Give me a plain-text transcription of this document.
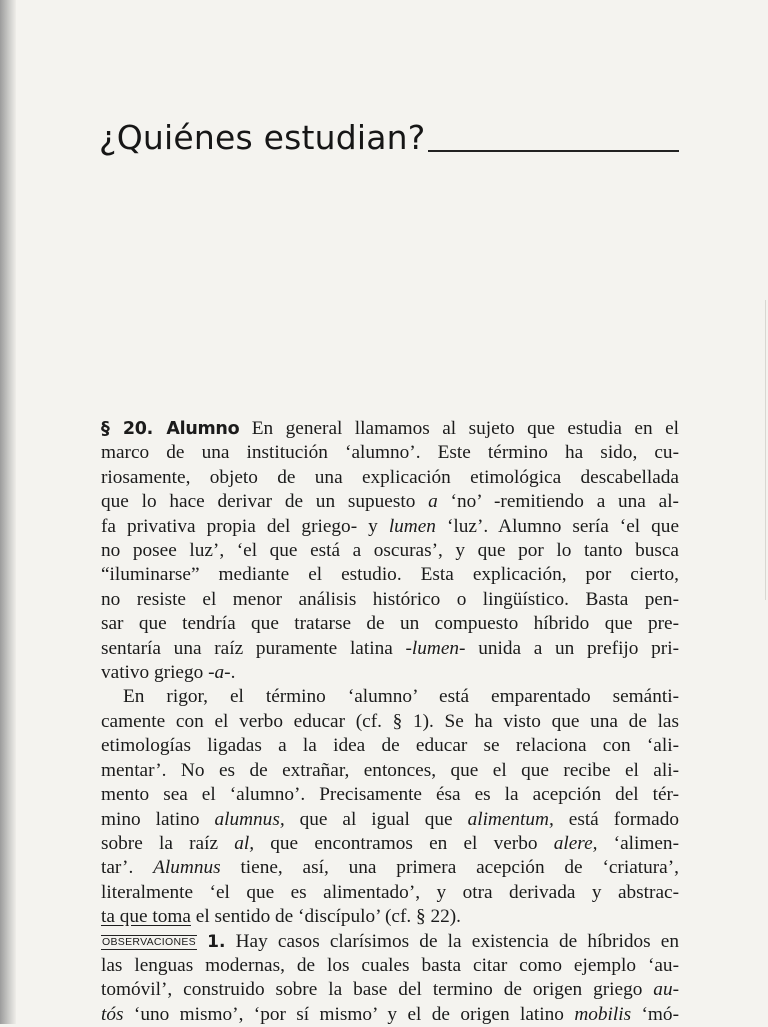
¿Quiénes estudian?
§ 20. Alumno En general llamamos al sujeto que estudia en el
marco de una institución ‘alumno’. Este término ha sido, cu-
riosamente, objeto de una explicación etimológica descabellada
que lo hace derivar de un supuesto a ‘no’ -remitiendo a una al-
fa privativa propia del griego- y lumen ‘luz’. Alumno sería ‘el que
no posee luz’, ‘el que está a oscuras’, y que por lo tanto busca
“iluminarse” mediante el estudio. Esta explicación, por cierto,
no resiste el menor análisis histórico o lingüístico. Basta pen-
sar que tendría que tratarse de un compuesto híbrido que pre-
sentaría una raíz puramente latina -lumen- unida a un prefijo pri-
vativo griego -a-.
En rigor, el término ‘alumno’ está emparentado semánti-
camente con el verbo educar (cf. § 1). Se ha visto que una de las
etimologías ligadas a la idea de educar se relaciona con ‘ali-
mentar’. No es de extrañar, entonces, que el que recibe el ali-
mento sea el ‘alumno’. Precisamente ésa es la acepción del tér-
mino latino alumnus, que al igual que alimentum, está formado
sobre la raíz al, que encontramos en el verbo alere, ‘alimen-
tar’. Alumnus tiene, así, una primera acepción de ‘criatura’,
literalmente ‘el que es alimentado’, y otra derivada y abstrac-
ta que toma el sentido de ‘discípulo’ (cf. § 22).
OBSERVACIONES 1. Hay casos clarísimos de la existencia de híbridos en
las lenguas modernas, de los cuales basta citar como ejemplo ‘au-
tomóvil’, construido sobre la base del termino de origen griego au-
tós ‘uno mismo’, ‘por sí mismo’ y el de origen latino mobilis ‘mó-
